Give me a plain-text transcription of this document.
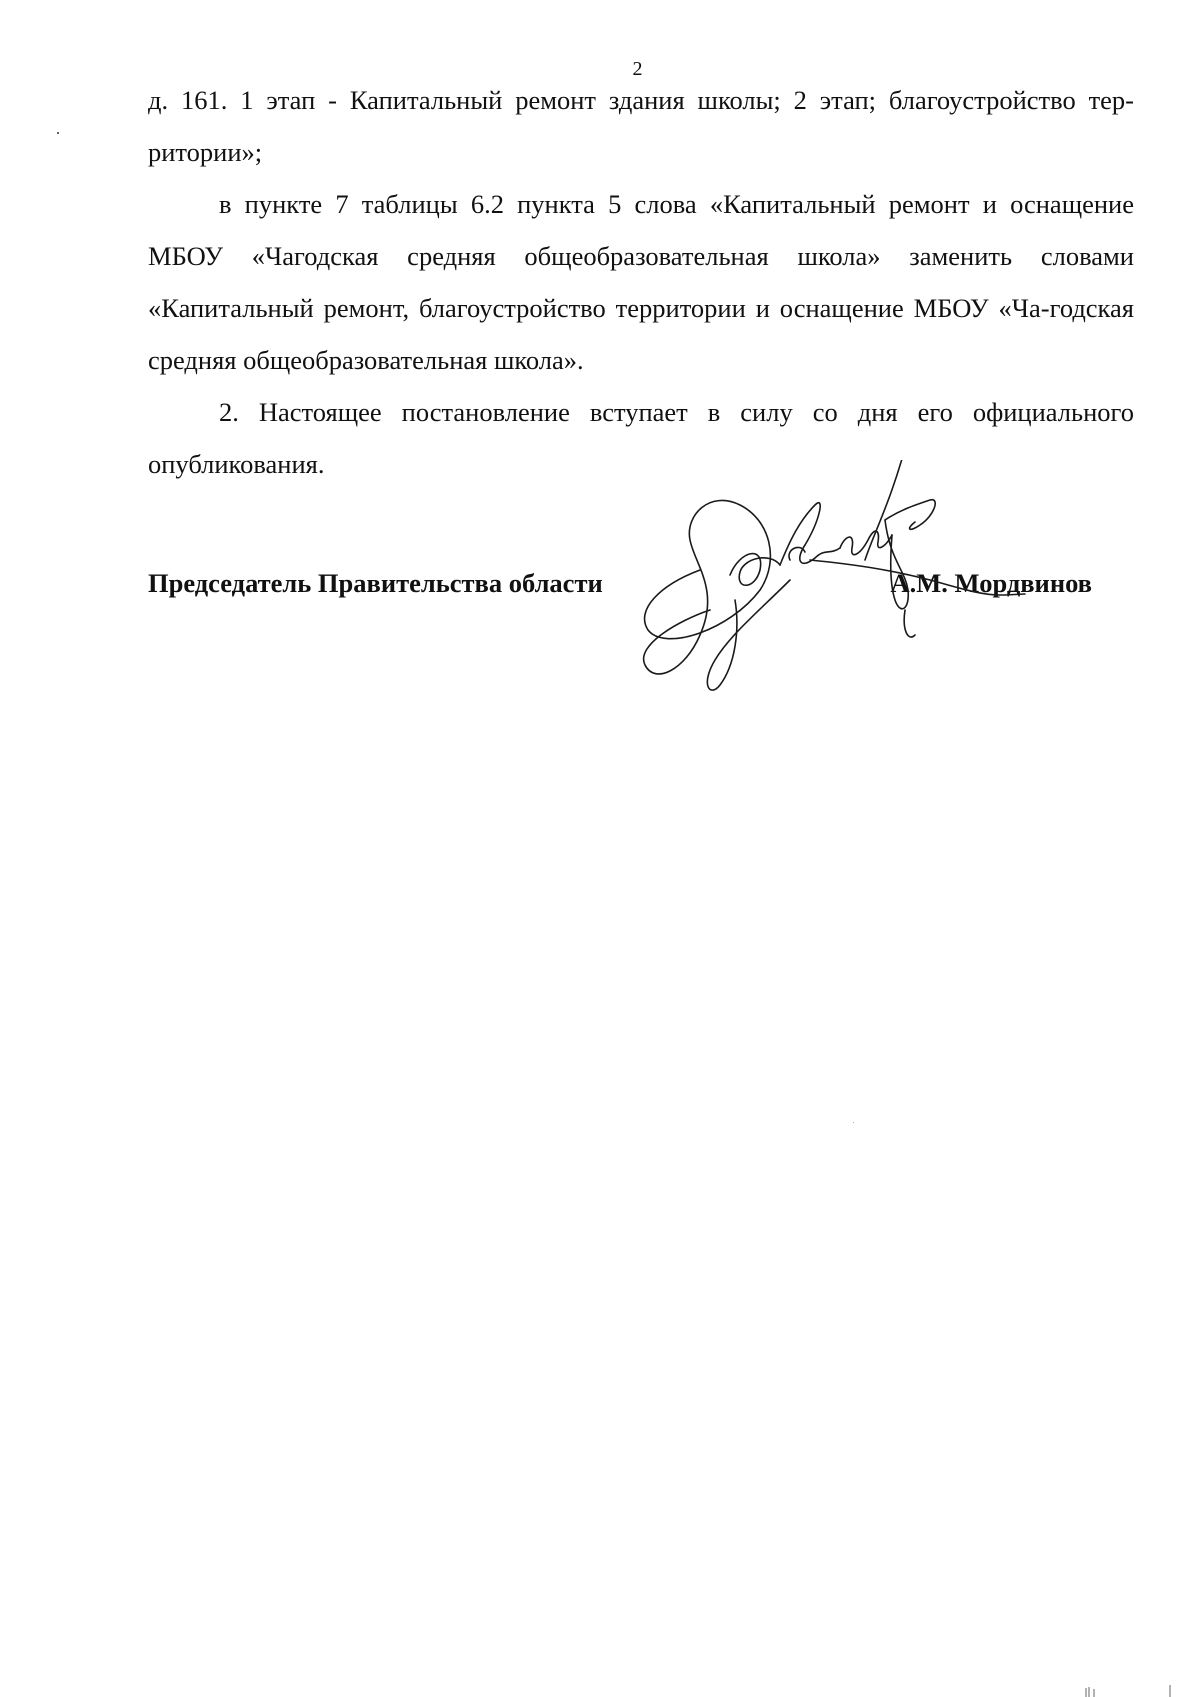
2

д. 161. 1 этап - Капитальный ремонт здания школы; 2 этап; благоустройство тер-ритории»;

в пункте 7 таблицы 6.2 пункта 5 слова «Капитальный ремонт и оснащение МБОУ «Чагодская средняя общеобразовательная школа» заменить словами «Капитальный ремонт, благоустройство территории и оснащение МБОУ «Ча-годская средняя общеобразовательная школа».

2. Настоящее постановление вступает в силу со дня его официального опубликования.

Председатель Правительства области	А.М. Мордвинов
